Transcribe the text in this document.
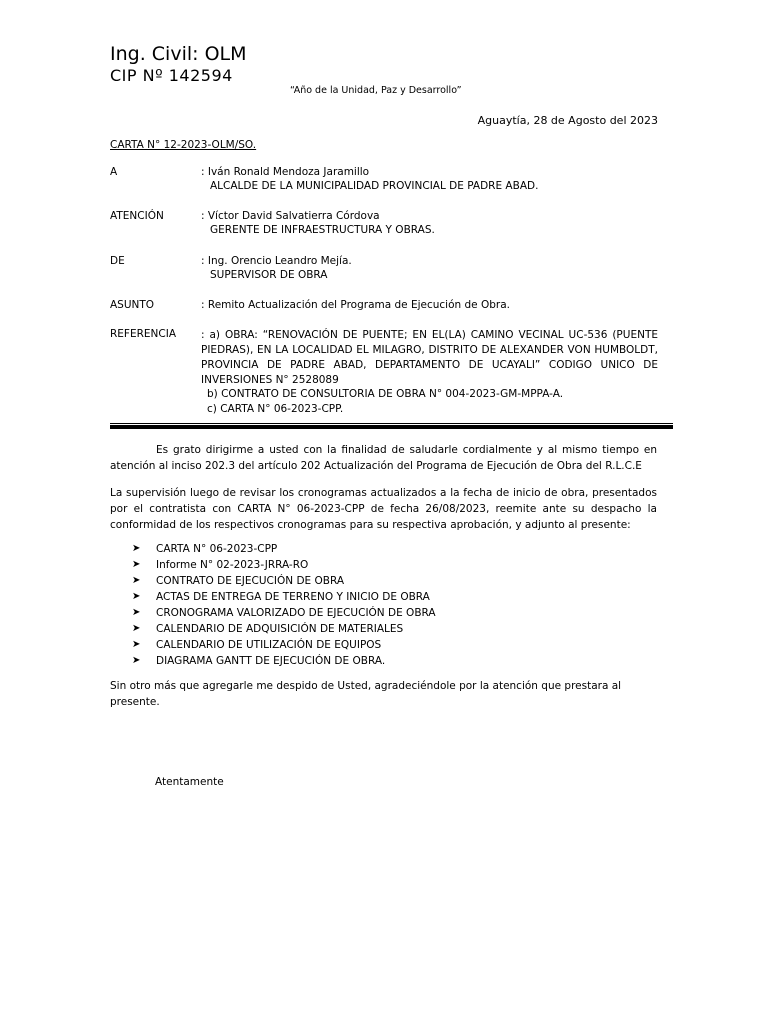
Ing. Civil: OLM
CIP Nº 142594
“Año de la Unidad, Paz y Desarrollo”
Aguaytía, 28 de Agosto del 2023
CARTA N° 12-2023-OLM/SO.
A	: Iván Ronald Mendoza Jaramillo
ALCALDE DE LA MUNICIPALIDAD PROVINCIAL DE PADRE ABAD.
ATENCIÓN	: Víctor David Salvatierra Córdova
GERENTE DE INFRAESTRUCTURA Y OBRAS.
DE	: Ing. Orencio Leandro Mejía.
SUPERVISOR DE OBRA
ASUNTO	: Remito Actualización del Programa de Ejecución de Obra.
REFERENCIA : a) OBRA: “RENOVACIÓN DE PUENTE; EN EL(LA) CAMINO VECINAL UC-536 (PUENTE PIEDRAS), EN LA LOCALIDAD EL MILAGRO, DISTRITO DE ALEXANDER VON HUMBOLDT, PROVINCIA DE PADRE ABAD, DEPARTAMENTO DE UCAYALI” CODIGO UNICO DE INVERSIONES N° 2528089
b) CONTRATO DE CONSULTORIA DE OBRA N° 004-2023-GM-MPPA-A.
c) CARTA N° 06-2023-CPP.
Es grato dirigirme a usted con la finalidad de saludarle cordialmente y al mismo tiempo en atención al inciso 202.3 del artículo 202 Actualización del Programa de Ejecución de Obra del R.L.C.E
La supervisión luego de revisar los cronogramas actualizados a la fecha de inicio de obra, presentados por el contratista con CARTA N° 06-2023-CPP de fecha 26/08/2023, reemite ante su despacho la conformidad de los respectivos cronogramas para su respectiva aprobación, y adjunto al presente:
➤	CARTA N° 06-2023-CPP
➤	Informe N° 02-2023-JRRA-RO
➤	CONTRATO DE EJECUCIÓN DE OBRA
➤	ACTAS DE ENTREGA DE TERRENO Y INICIO DE OBRA
➤	CRONOGRAMA VALORIZADO DE EJECUCIÓN DE OBRA
➤	CALENDARIO DE ADQUISICIÓN DE MATERIALES
➤	CALENDARIO DE UTILIZACIÓN DE EQUIPOS
➤	DIAGRAMA GANTT DE EJECUCIÓN DE OBRA.
Sin otro más que agregarle me despido de Usted, agradeciéndole por la atención que prestara al presente.
Atentamente
